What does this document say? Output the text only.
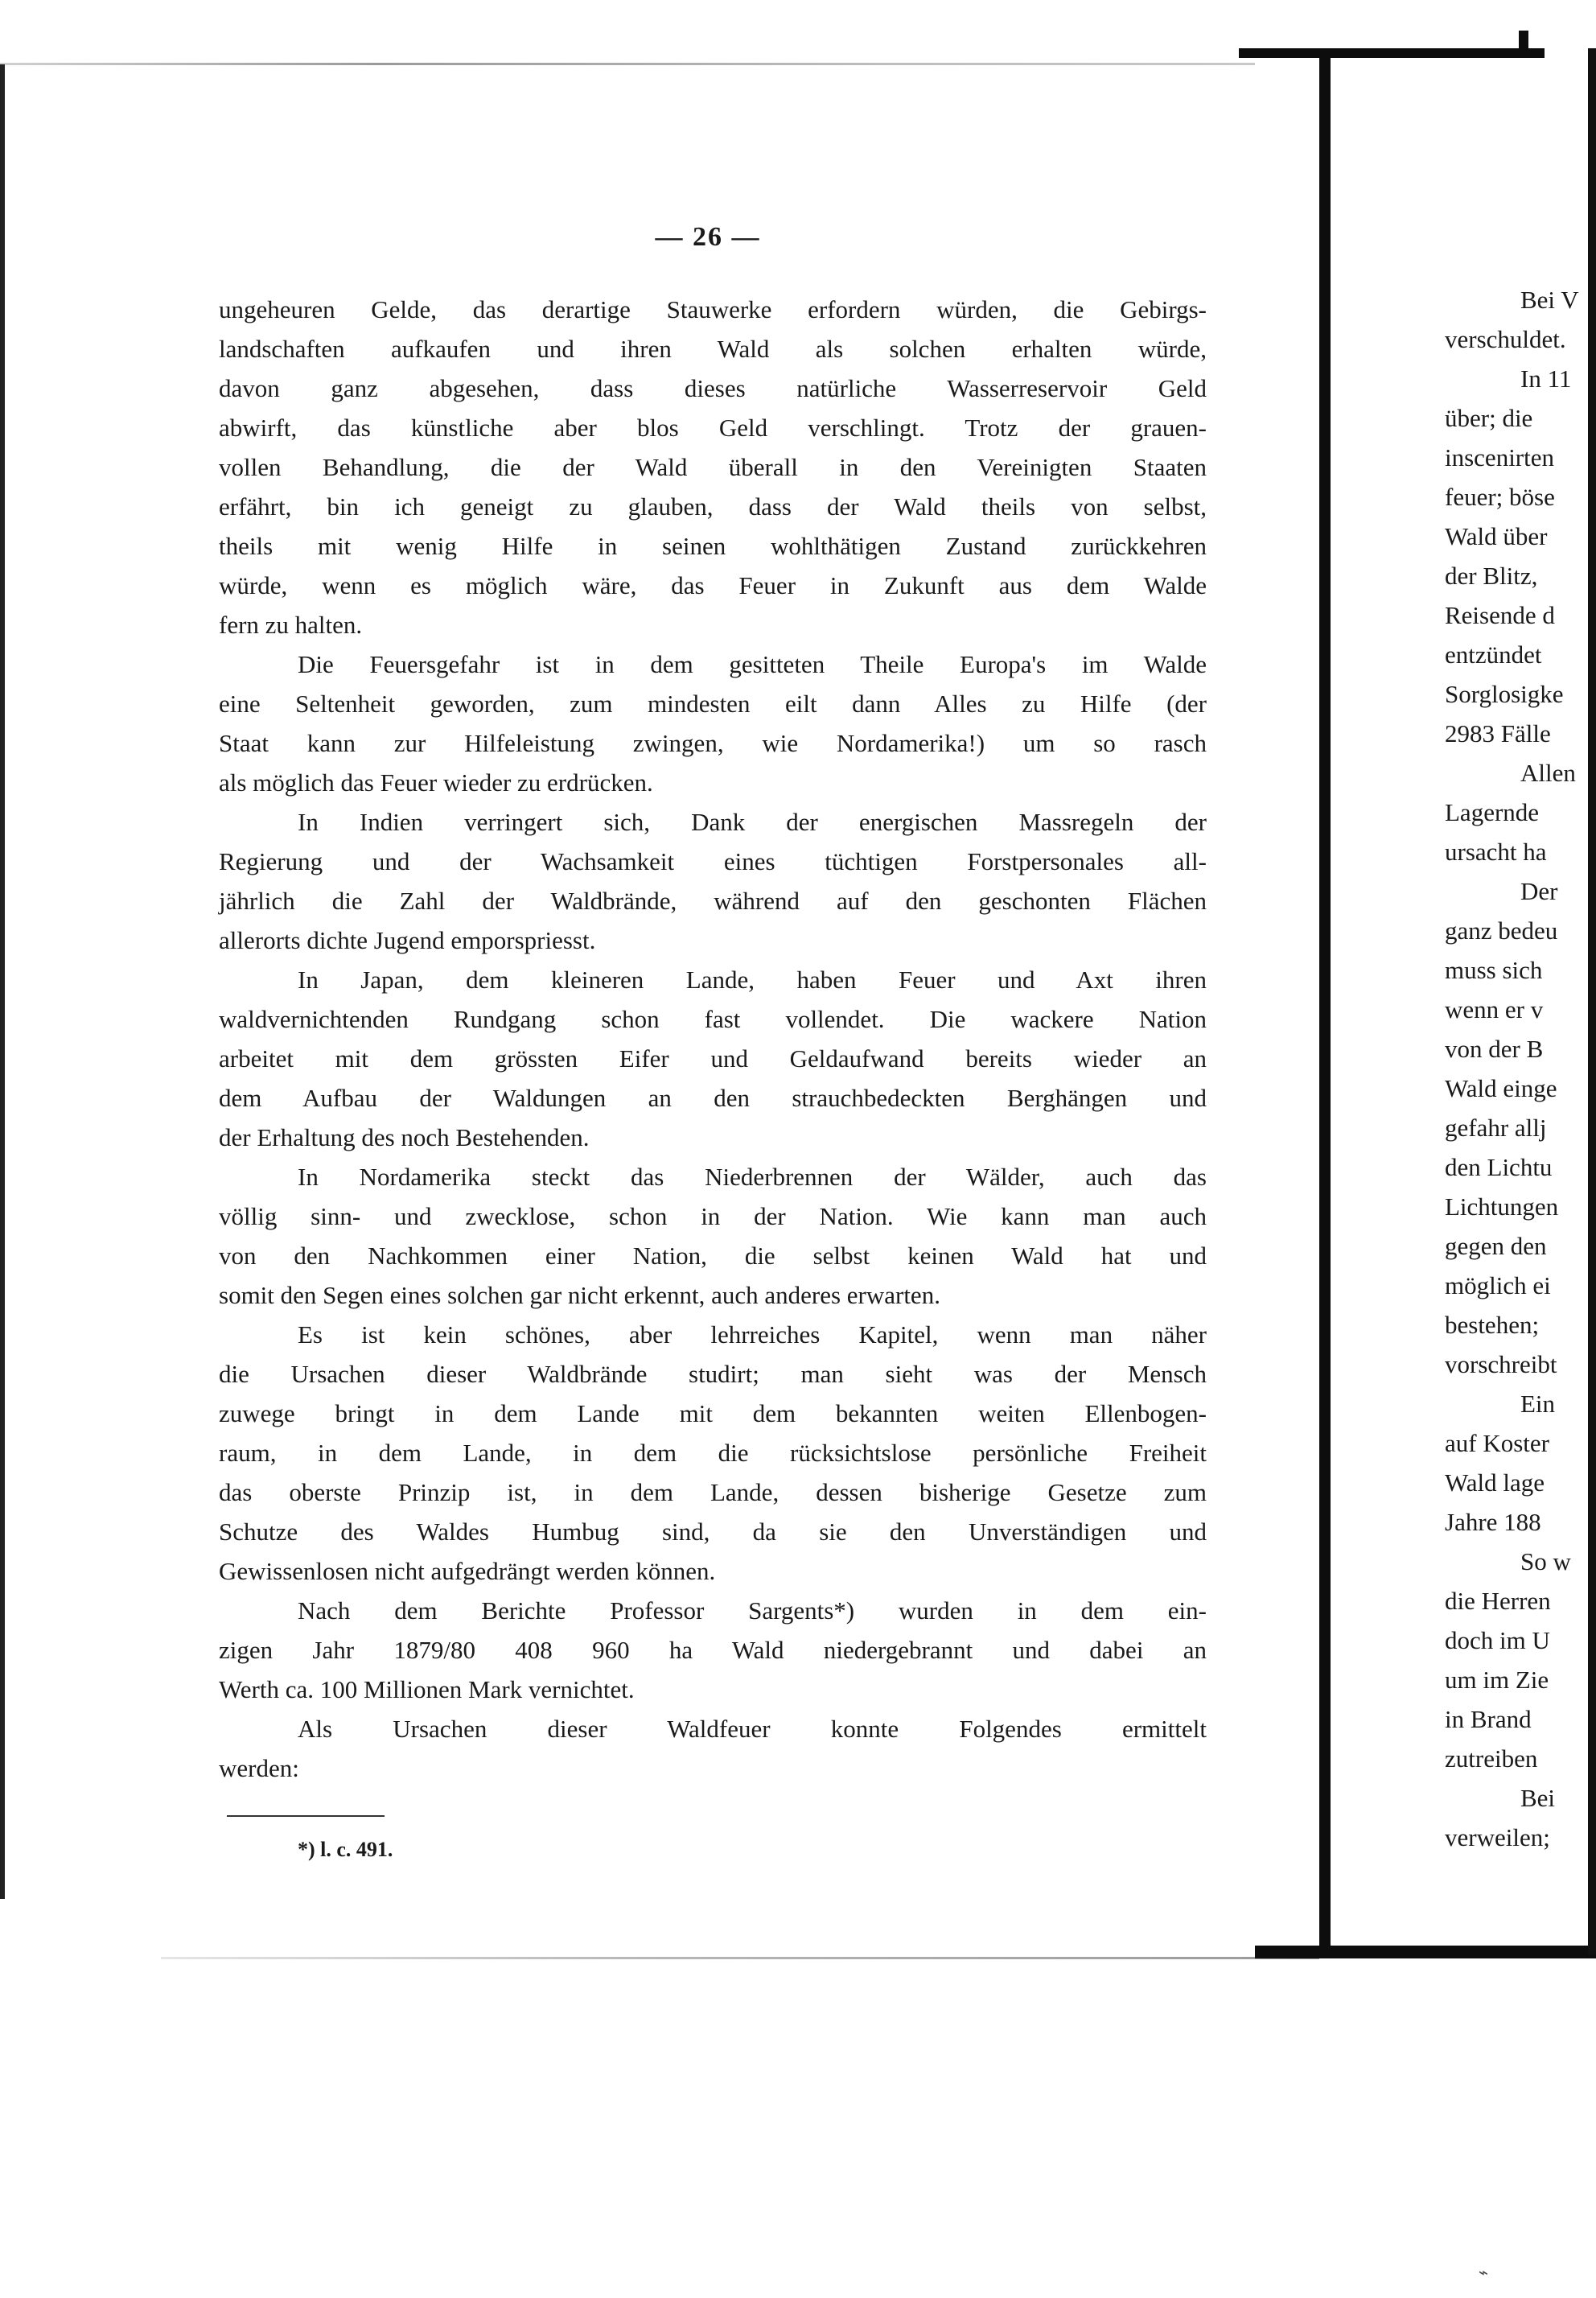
— 26 —
ungeheuren Gelde, das derartige Stauwerke erfordern würden, die Gebirgs-
landschaften aufkaufen und ihren Wald als solchen erhalten würde,
davon ganz abgesehen, dass dieses natürliche Wasserreservoir Geld
abwirft, das künstliche aber blos Geld verschlingt. Trotz der grauen-
vollen Behandlung, die der Wald überall in den Vereinigten Staaten
erfährt, bin ich geneigt zu glauben, dass der Wald theils von selbst,
theils mit wenig Hilfe in seinen wohlthätigen Zustand zurückkehren
würde, wenn es möglich wäre, das Feuer in Zukunft aus dem Walde
fern zu halten.
Die Feuersgefahr ist in dem gesitteten Theile Europa's im Walde
eine Seltenheit geworden, zum mindesten eilt dann Alles zu Hilfe (der
Staat kann zur Hilfeleistung zwingen, wie Nordamerika!) um so rasch
als möglich das Feuer wieder zu erdrücken.
In Indien verringert sich, Dank der energischen Massregeln der
Regierung und der Wachsamkeit eines tüchtigen Forstpersonales all-
jährlich die Zahl der Waldbrände, während auf den geschonten Flächen
allerorts dichte Jugend emporspriesst.
In Japan, dem kleineren Lande, haben Feuer und Axt ihren
waldvernichtenden Rundgang schon fast vollendet. Die wackere Nation
arbeitet mit dem grössten Eifer und Geldaufwand bereits wieder an
dem Aufbau der Waldungen an den strauchbedeckten Berghängen und
der Erhaltung des noch Bestehenden.
In Nordamerika steckt das Niederbrennen der Wälder, auch das
völlig sinn- und zwecklose, schon in der Nation. Wie kann man auch
von den Nachkommen einer Nation, die selbst keinen Wald hat und
somit den Segen eines solchen gar nicht erkennt, auch anderes erwarten.
Es ist kein schönes, aber lehrreiches Kapitel, wenn man näher
die Ursachen dieser Waldbrände studirt; man sieht was der Mensch
zuwege bringt in dem Lande mit dem bekannten weiten Ellenbogen-
raum, in dem Lande, in dem die rücksichtslose persönliche Freiheit
das oberste Prinzip ist, in dem Lande, dessen bisherige Gesetze zum
Schutze des Waldes Humbug sind, da sie den Unverständigen und
Gewissenlosen nicht aufgedrängt werden können.
Nach dem Berichte Professor Sargents*) wurden in dem ein-
zigen Jahr 1879/80 408 960 ha Wald niedergebrannt und dabei an
Werth ca. 100 Millionen Mark vernichtet.
Als Ursachen dieser Waldfeuer konnte Folgendes ermittelt
werden:
*) l. c. 491.
Bei V
verschuldet.
In 11
über; die
inscenirten
feuer; böse
Wald über
der Blitz,
Reisende d
entzündet
Sorglosigke
2983 Fälle
Allen
Lagernde
ursacht ha
Der
ganz bedeu
muss sich
wenn er v
von der B
Wald einge
gefahr allj
den Lichtu
Lichtungen
gegen den
möglich ei
bestehen;
vorschreibt
Ein
auf Koster
Wald lage
Jahre 188
So w
die Herren
doch im U
um im Zie
in Brand
zutreiben
Bei
verweilen;
⌁
